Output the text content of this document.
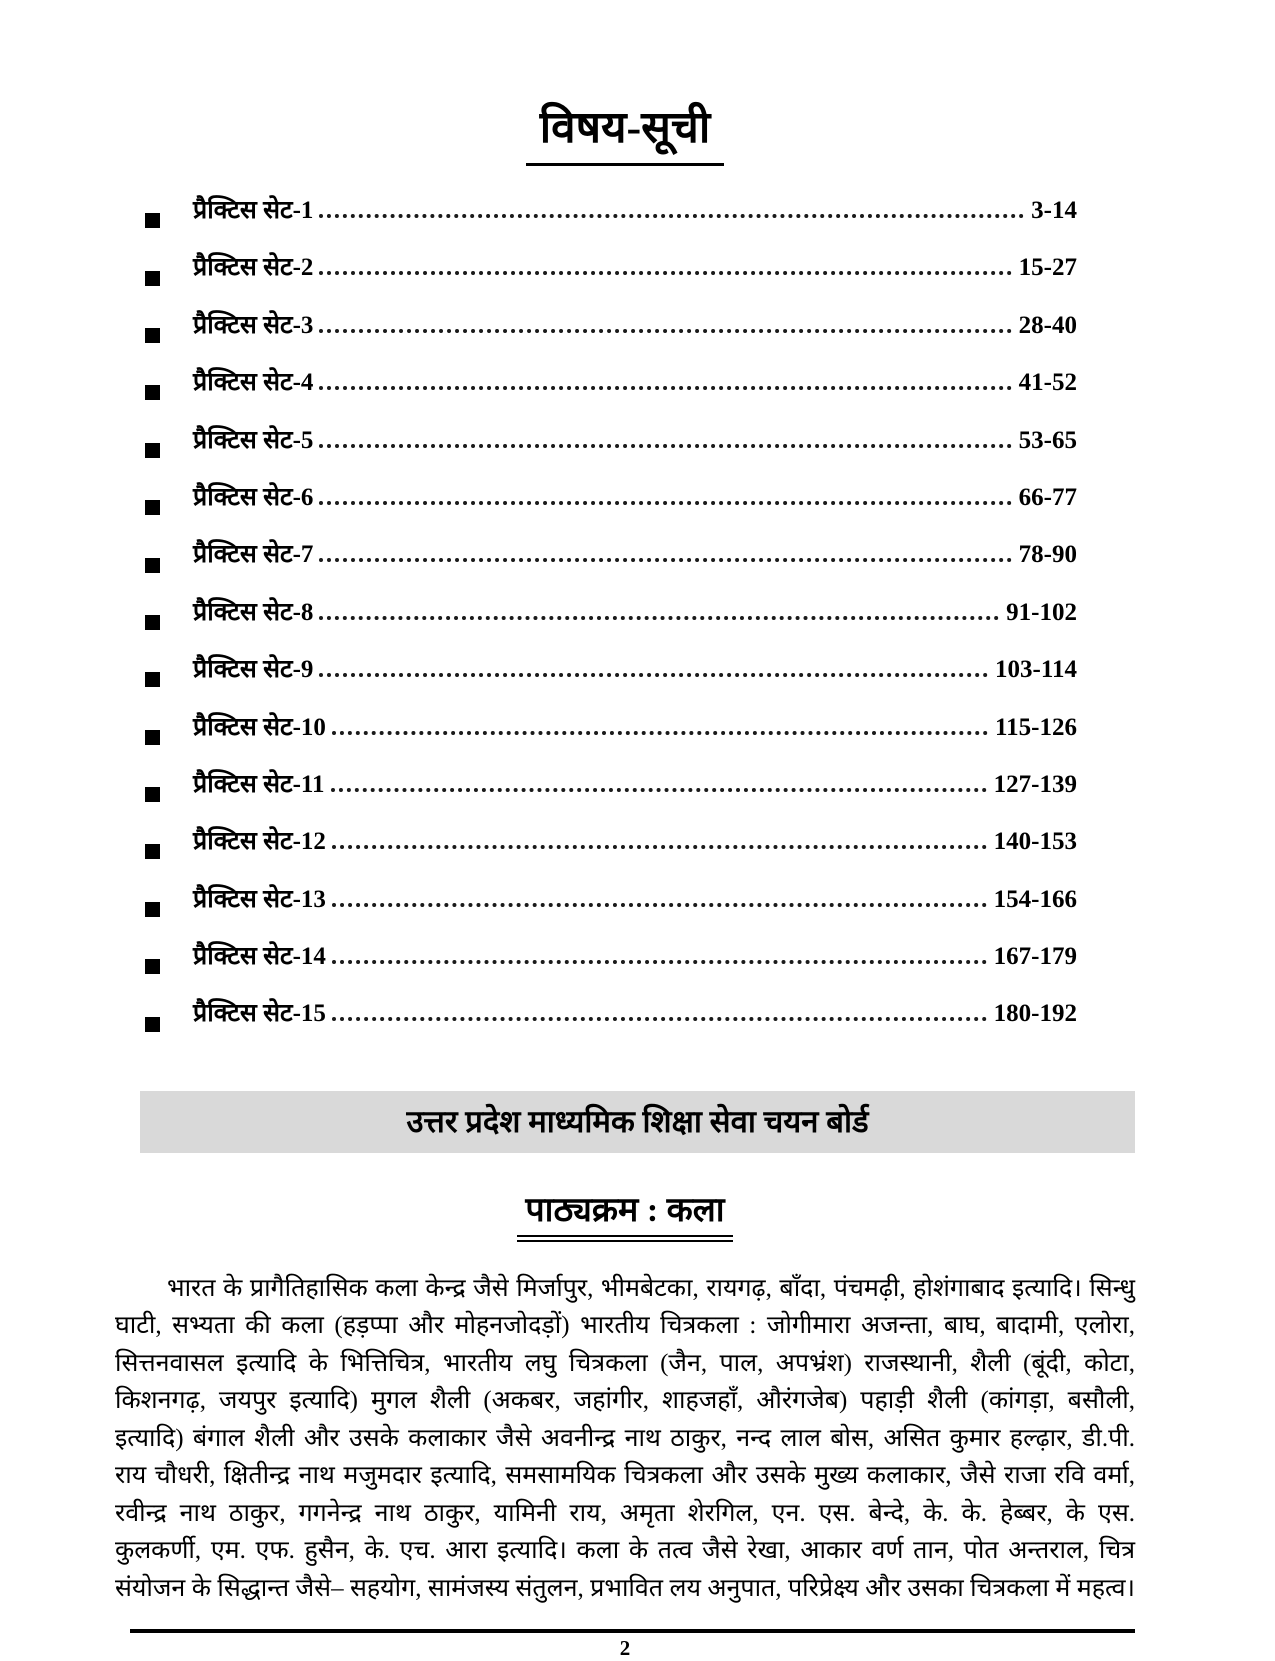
विषय-सूची
प्रैक्टिस सेट-1	3-14
प्रैक्टिस सेट-2	15-27
प्रैक्टिस सेट-3	28-40
प्रैक्टिस सेट-4	41-52
प्रैक्टिस सेट-5	53-65
प्रैक्टिस सेट-6	66-77
प्रैक्टिस सेट-7	78-90
प्रैक्टिस सेट-8	91-102
प्रैक्टिस सेट-9	103-114
प्रैक्टिस सेट-10	115-126
प्रैक्टिस सेट-11	127-139
प्रैक्टिस सेट-12	140-153
प्रैक्टिस सेट-13	154-166
प्रैक्टिस सेट-14	167-179
प्रैक्टिस सेट-15	180-192
उत्तर प्रदेश माध्यमिक शिक्षा सेवा चयन बोर्ड
पाठ्यक्रम : कला
भारत के प्रागैतिहासिक कला केन्द्र जैसे मिर्जापुर, भीमबेटका, रायगढ़, बाँदा, पंचमढ़ी, होशंगाबाद इत्यादि। सिन्धु
घाटी, सभ्यता की कला (हड़प्पा और मोहनजोदड़ों) भारतीय चित्रकला : जोगीमारा अजन्ता, बाघ, बादामी, एलोरा,
सित्तनवासल इत्यादि के भित्तिचित्र, भारतीय लघु चित्रकला (जैन, पाल, अपभ्रंश) राजस्थानी, शैली (बूंदी, कोटा,
किशनगढ़, जयपुर इत्यादि) मुगल शैली (अकबर, जहांगीर, शाहजहाँ, औरंगजेब) पहाड़ी शैली (कांगड़ा, बसौली,
इत्यादि) बंगाल शैली और उसके कलाकार जैसे अवनीन्द्र नाथ ठाकुर, नन्द लाल बोस, असित कुमार हल्ढ़ार, डी.पी.
राय चौधरी, क्षितीन्द्र नाथ मजुमदार इत्यादि, समसामयिक चित्रकला और उसके मुख्य कलाकार, जैसे राजा रवि वर्मा,
रवीन्द्र नाथ ठाकुर, गगनेन्द्र नाथ ठाकुर, यामिनी राय, अमृता शेरगिल, एन. एस. बेन्दे, के. के. हेब्बर, के एस.
कुलकर्णी, एम. एफ. हुसैन, के. एच. आरा इत्यादि। कला के तत्व जैसे रेखा, आकार वर्ण तान, पोत अन्तराल, चित्र
संयोजन के सिद्धान्त जैसे– सहयोग, सामंजस्य संतुलन, प्रभावित लय अनुपात, परिप्रेक्ष्य और उसका चित्रकला में महत्व।
2
